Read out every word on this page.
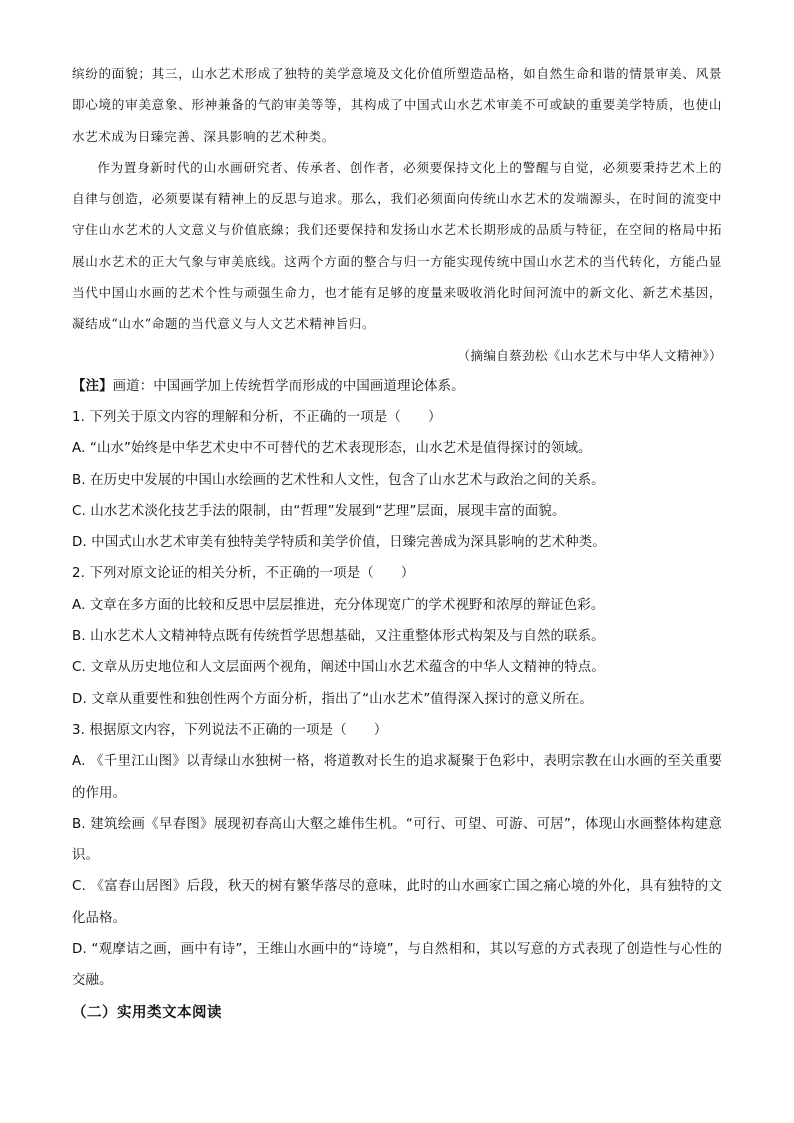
缤纷的面貌；其三，山水艺术形成了独特的美学意境及文化价值所塑造品格，如自然生命和谐的情景审美、风景即心境的审美意象、形神兼备的气韵审美等等，其构成了中国式山水艺术审美不可或缺的重要美学特质，也使山水艺术成为日臻完善、深具影响的艺术种类。

作为置身新时代的山水画研究者、传承者、创作者，必须要保持文化上的警醒与自觉，必须要秉持艺术上的自律与创造，必须要谋有精神上的反思与追求。那么，我们必须面向传统山水艺术的发端源头，在时间的流变中守住山水艺术的人文意义与价值底線；我们还要保持和发扬山水艺术长期形成的品质与特征，在空间的格局中拓展山水艺术的正大气象与审美底线。这两个方面的整合与归一方能实现传统中国山水艺术的当代转化，方能凸显当代中国山水画的艺术个性与顽强生命力，也才能有足够的度量来吸收消化时间河流中的新文化、新艺术基因，凝结成“山水”命题的当代意义与人文艺术精神旨归。

（摘编自蔡劲松《山水艺术与中华人文精神》）

【注】画道：中国画学加上传统哲学而形成的中国画道理论体系。

1. 下列关于原文内容的理解和分析，不正确的一项是（　　）

A. “山水”始终是中华艺术史中不可替代的艺术表现形态，山水艺术是值得探讨的领域。

B. 在历史中发展的中国山水绘画的艺术性和人文性，包含了山水艺术与政治之间的关系。

C. 山水艺术淡化技艺手法的限制，由“哲理”发展到“艺理”层面，展现丰富的面貌。

D. 中国式山水艺术审美有独特美学特质和美学价值，日臻完善成为深具影响的艺术种类。

2. 下列对原文论证的相关分析，不正确的一项是（　　）

A. 文章在多方面的比较和反思中层层推进，充分体现宽广的学术视野和浓厚的辩证色彩。

B. 山水艺术人文精神特点既有传统哲学思想基础，又注重整体形式构架及与自然的联系。

C. 文章从历史地位和人文层面两个视角，阐述中国山水艺术蕴含的中华人文精神的特点。

D. 文章从重要性和独创性两个方面分析，指出了“山水艺术”值得深入探讨的意义所在。

3. 根据原文内容，下列说法不正确的一项是（　　）

A. 《千里江山图》以青绿山水独树一格，将道教对长生的追求凝聚于色彩中，表明宗教在山水画的至关重要的作用。

B. 建筑绘画《早春图》展现初春高山大壑之雄伟生机。“可行、可望、可游、可居”，体现山水画整体构建意识。

C. 《富春山居图》后段，秋天的树有繁华落尽的意味，此时的山水画家亡国之痛心境的外化，具有独特的文化品格。

D. “观摩诘之画，画中有诗”，王维山水画中的“诗境”，与自然相和，其以写意的方式表现了创造性与心性的交融。

（二）实用类文本阅读
